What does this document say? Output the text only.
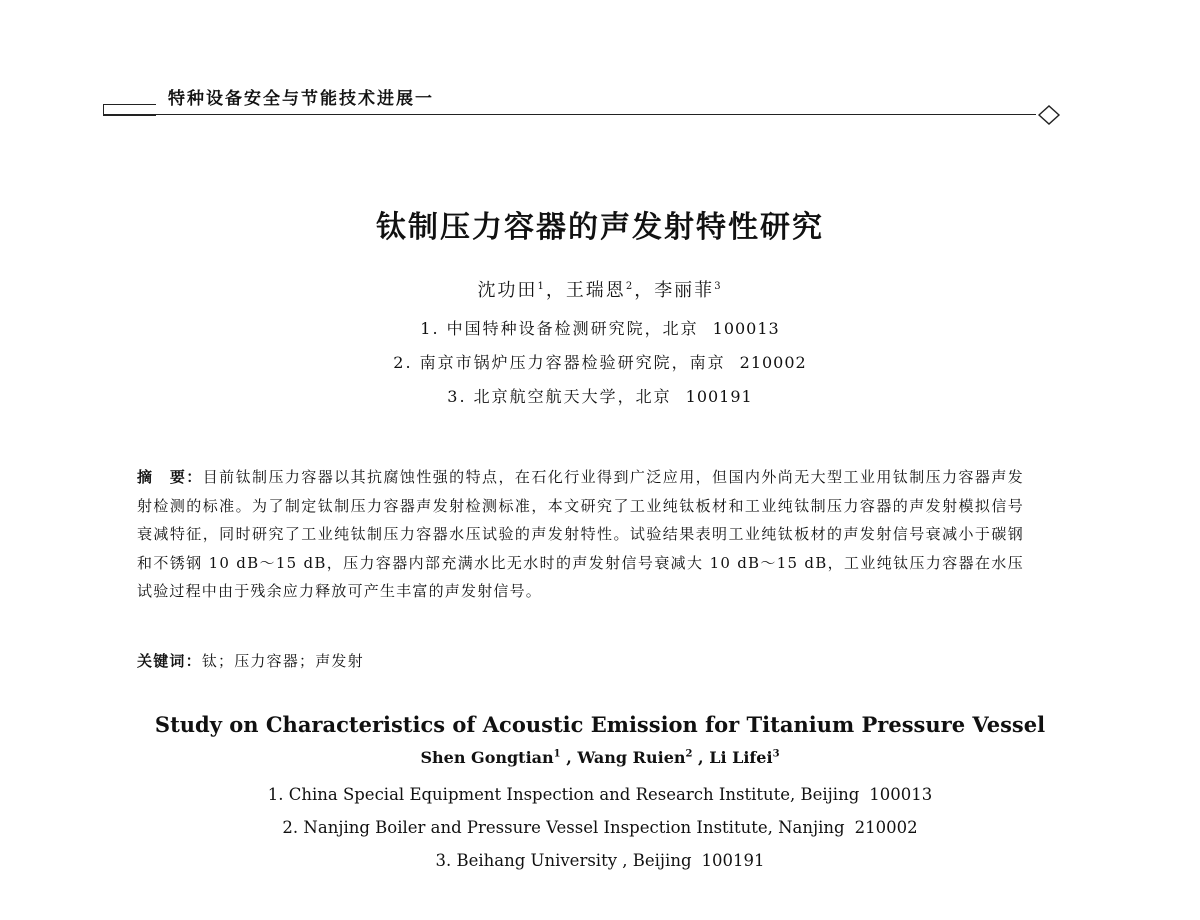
特种设备安全与节能技术进展一
钛制压力容器的声发射特性研究
沈功田$^1$，王瑞恩$^2$，李丽菲$^3$
1. 中国特种设备检测研究院，北京 100013
2. 南京市锅炉压力容器检验研究院，南京 210002
3. 北京航空航天大学，北京 100191
摘　要：目前钛制压力容器以其抗腐蚀性强的特点，在石化行业得到广泛应用，但国内外尚无大型工业用钛制压力容器声发射检测的标准。为了制定钛制压力容器声发射检测标准，本文研究了工业纯钛板材和工业纯钛制压力容器的声发射模拟信号衰减特征，同时研究了工业纯钛制压力容器水压试验的声发射特性。试验结果表明工业纯钛板材的声发射信号衰减小于碳钢和不锈钢 10 dB～15 dB，压力容器内部充满水比无水时的声发射信号衰减大 10 dB～15 dB，工业纯钛压力容器在水压试验过程中由于残余应力释放可产生丰富的声发射信号。
关键词：钛；压力容器；声发射
Study on Characteristics of Acoustic Emission for Titanium Pressure Vessel
Shen Gongtian$^1$ , Wang Ruien$^2$ , Li Lifei$^3$
1. China Special Equipment Inspection and Research Institute, Beijing 100013
2. Nanjing Boiler and Pressure Vessel Inspection Institute, Nanjing 210002
3. Beihang University , Beijing 100191
